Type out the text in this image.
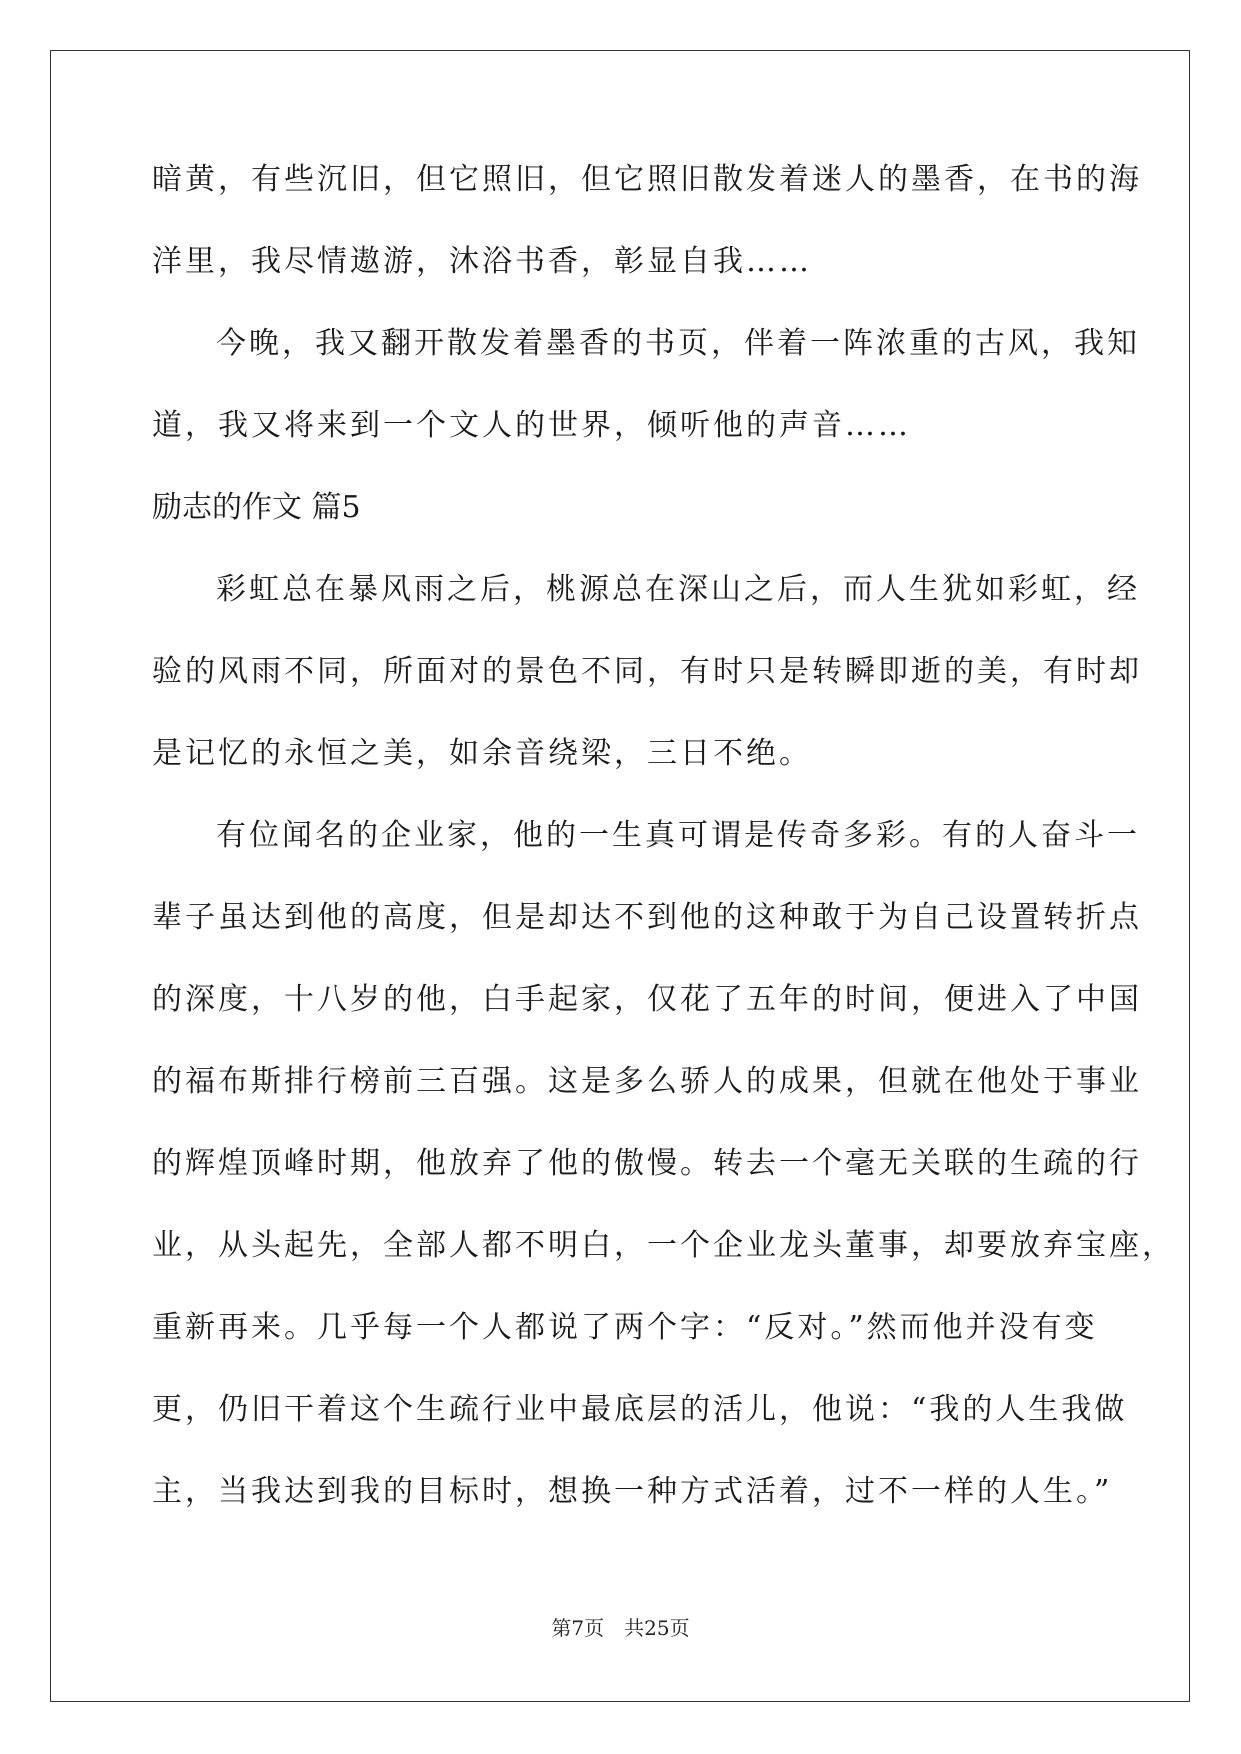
暗黄，有些沉旧，但它照旧，但它照旧散发着迷人的墨香，在书的海
洋里，我尽情遨游，沐浴书香，彰显自我……
今晚，我又翻开散发着墨香的书页，伴着一阵浓重的古风，我知
道，我又将来到一个文人的世界，倾听他的声音……
励志的作文 篇5
彩虹总在暴风雨之后，桃源总在深山之后，而人生犹如彩虹，经
验的风雨不同，所面对的景色不同，有时只是转瞬即逝的美，有时却
是记忆的永恒之美，如余音绕梁，三日不绝。
有位闻名的企业家，他的一生真可谓是传奇多彩。有的人奋斗一
辈子虽达到他的高度，但是却达不到他的这种敢于为自己设置转折点
的深度，十八岁的他，白手起家，仅花了五年的时间，便进入了中国
的福布斯排行榜前三百强。这是多么骄人的成果，但就在他处于事业
的辉煌顶峰时期，他放弃了他的傲慢。转去一个毫无关联的生疏的行
业，从头起先，全部人都不明白，一个企业龙头董事，却要放弃宝座，
重新再来。几乎每一个人都说了两个字：“反对。”然而他并没有变
更，仍旧干着这个生疏行业中最底层的活儿，他说：“我的人生我做
主，当我达到我的目标时，想换一种方式活着，过不一样的人生。”
第7页　共25页
